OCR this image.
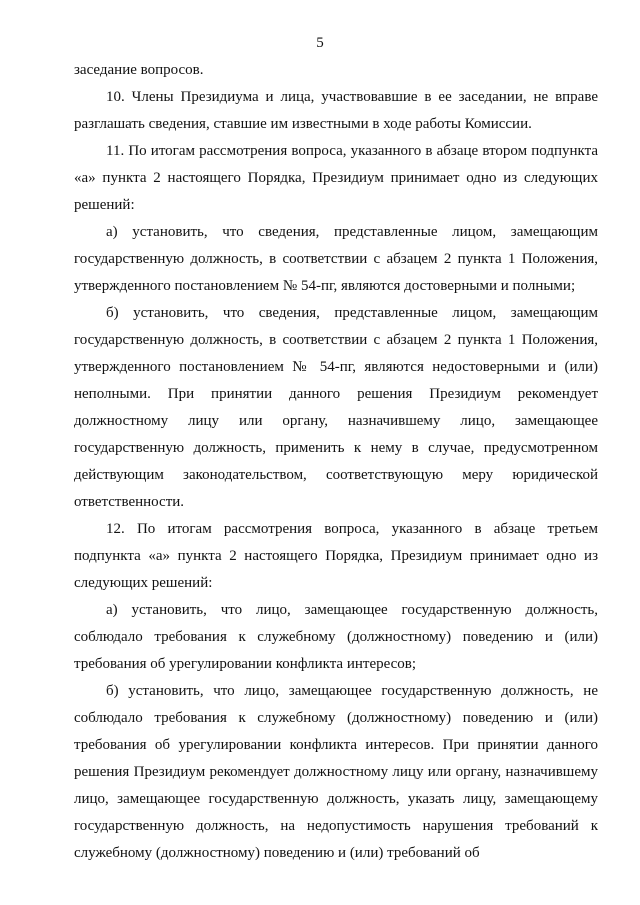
5

заседание вопросов.

10. Члены Президиума и лица, участвовавшие в ее заседании, не вправе разглашать сведения, ставшие им известными в ходе работы Комиссии.

11. По итогам рассмотрения вопроса, указанного в абзаце втором подпункта «а» пункта 2 настоящего Порядка, Президиум принимает одно из следующих решений:

а) установить, что сведения, представленные лицом, замещающим государственную должность, в соответствии с абзацем 2 пункта 1 Положения, утвержденного постановлением № 54-пг, являются достоверными и полными;

б) установить, что сведения, представленные лицом, замещающим государственную должность, в соответствии с абзацем 2 пункта 1 Положения, утвержденного постановлением № 54-пг, являются недостоверными и (или) неполными. При принятии данного решения Президиум рекомендует должностному лицу или органу, назначившему лицо, замещающее государственную должность, применить к нему в случае, предусмотренном действующим законодательством, соответствующую меру юридической ответственности.

12. По итогам рассмотрения вопроса, указанного в абзаце третьем подпункта «а» пункта 2 настоящего Порядка, Президиум принимает одно из следующих решений:

а) установить, что лицо, замещающее государственную должность, соблюдало требования к служебному (должностному) поведению и (или) требования об урегулировании конфликта интересов;

б) установить, что лицо, замещающее государственную должность, не соблюдало требования к служебному (должностному) поведению и (или) требования об урегулировании конфликта интересов. При принятии данного решения Президиум рекомендует должностному лицу или органу, назначившему лицо, замещающее государственную должность, указать лицу, замещающему государственную должность, на недопустимость нарушения требований к служебному (должностному) поведению и (или) требований об
